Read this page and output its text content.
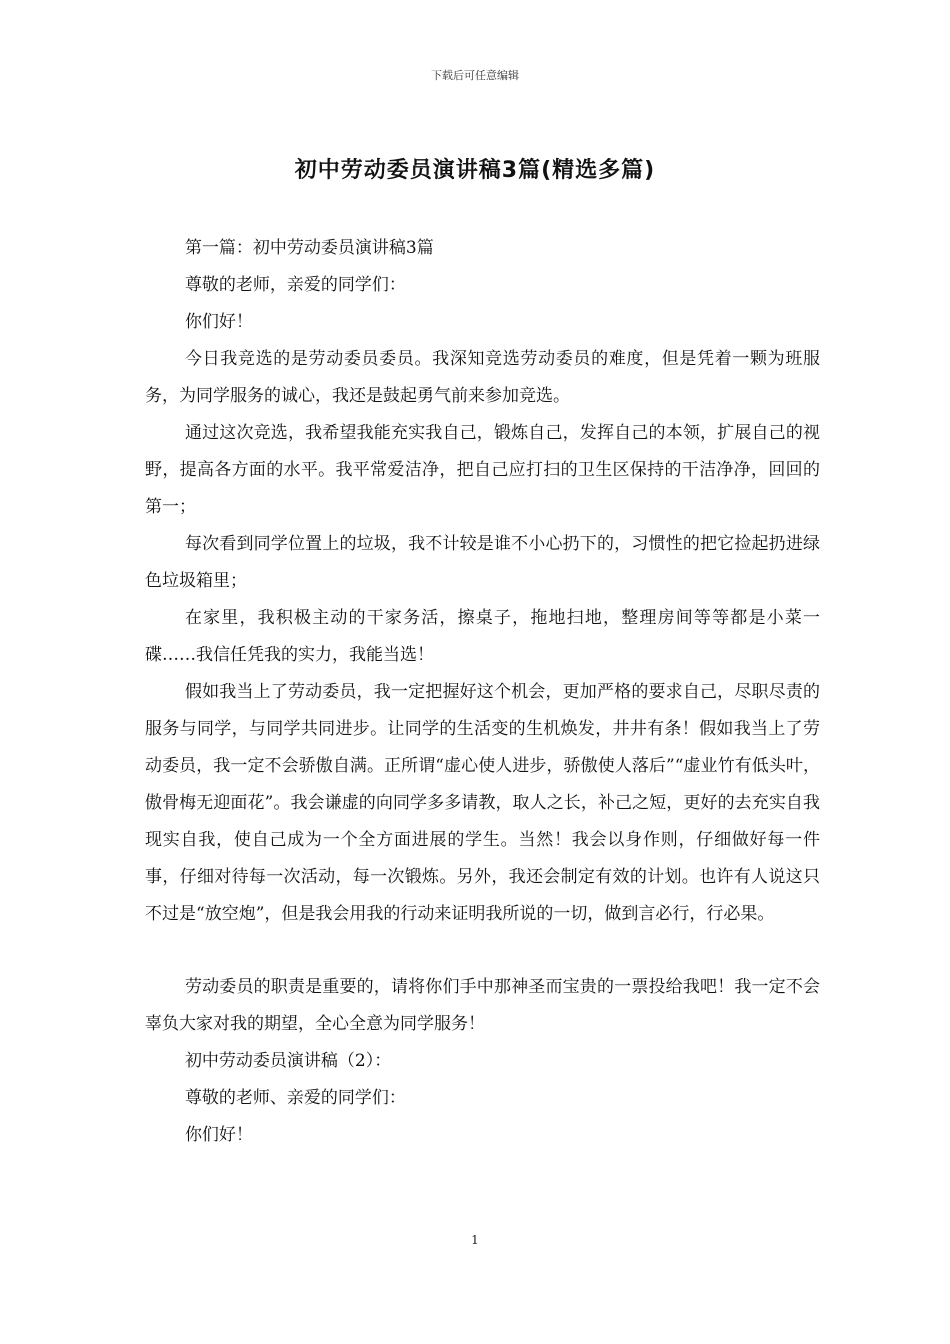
下载后可任意编辑
初中劳动委员演讲稿3篇(精选多篇)

第一篇：初中劳动委员演讲稿3篇

尊敬的老师，亲爱的同学们：

你们好！

今日我竞选的是劳动委员委员。我深知竞选劳动委员的难度，但是凭着一颗为班服务，为同学服务的诚心，我还是鼓起勇气前来参加竞选。

通过这次竞选，我希望我能充实我自己，锻炼自己，发挥自己的本领，扩展自己的视野，提高各方面的水平。我平常爱洁净，把自己应打扫的卫生区保持的干洁净净，回回的第一；

每次看到同学位置上的垃圾，我不计较是谁不小心扔下的，习惯性的把它捡起扔进绿色垃圾箱里；

在家里，我积极主动的干家务活，擦桌子，拖地扫地，整理房间等等都是小菜一碟……我信任凭我的实力，我能当选！

假如我当上了劳动委员，我一定把握好这个机会，更加严格的要求自己，尽职尽责的服务与同学，与同学共同进步。让同学的生活变的生机焕发，井井有条！假如我当上了劳动委员，我一定不会骄傲自满。正所谓“虚心使人进步，骄傲使人落后”“虚业竹有低头叶，傲骨梅无迎面花”。我会谦虚的向同学多多请教，取人之长，补己之短，更好的去充实自我现实自我，使自己成为一个全方面进展的学生。当然！我会以身作则，仔细做好每一件事，仔细对待每一次活动，每一次锻炼。另外，我还会制定有效的计划。也许有人说这只不过是“放空炮”，但是我会用我的行动来证明我所说的一切，做到言必行，行必果。

劳动委员的职责是重要的，请将你们手中那神圣而宝贵的一票投给我吧！我一定不会辜负大家对我的期望，全心全意为同学服务！

初中劳动委员演讲稿（2）：

尊敬的老师、亲爱的同学们：

你们好！

1
